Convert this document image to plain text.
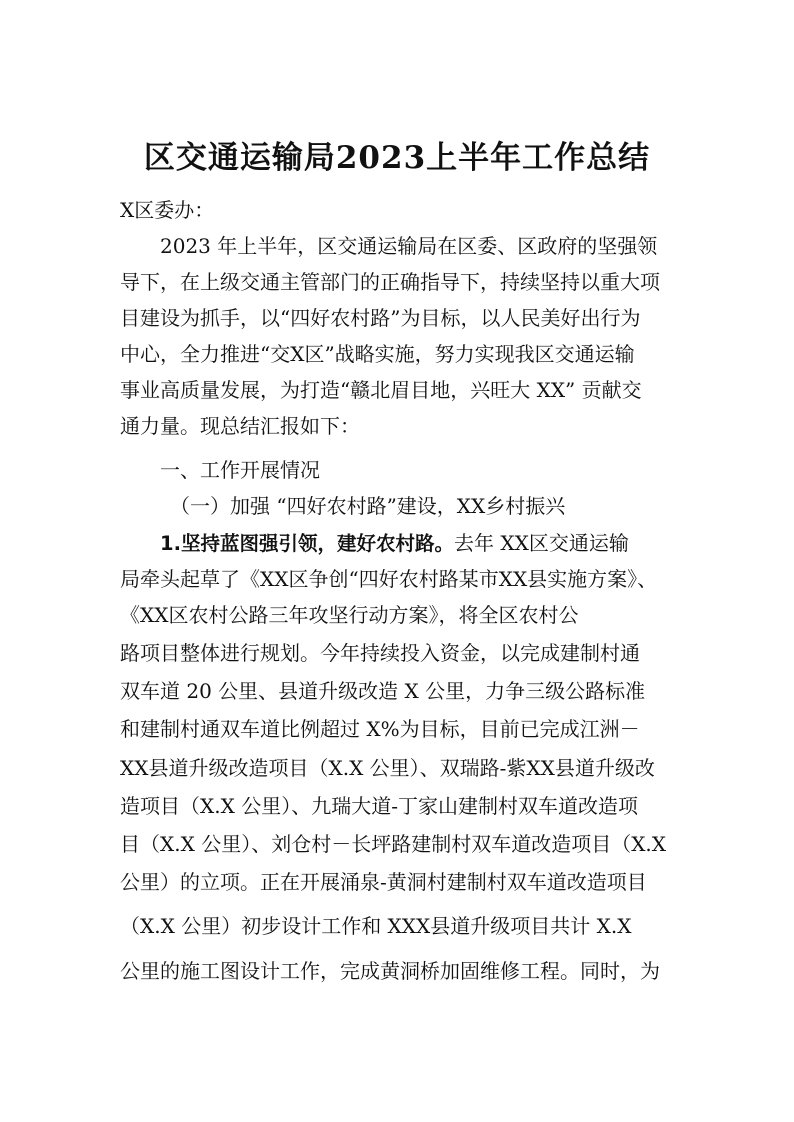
区交通运输局2023上半年工作总结
X区委办：
2023 年上半年，区交通运输局在区委、区政府的坚强领
导下，在上级交通主管部门的正确指导下，持续坚持以重大项
目建设为抓手，以“四好农村路”为目标，以人民美好出行为
中心，全力推进“交X区”战略实施，努力实现我区交通运输
事业高质量发展，为打造“赣北眉目地，兴旺大 XX” 贡献交
通力量。现总结汇报如下：
一、工作开展情况
（一）加强 “四好农村路”建设，XX乡村振兴
1.坚持蓝图强引领，建好农村路。去年 XX区交通运输
局牵头起草了《XX区争创“四好农村路某市XX县实施方案》、
《XX区农村公路三年攻坚行动方案》，将全区农村公
路项目整体进行规划。今年持续投入资金，以完成建制村通
双车道 20 公里、县道升级改造 X 公里，力争三级公路标准
和建制村通双车道比例超过 X%为目标，目前已完成江洲－
XX县道升级改造项目（X.X 公里）、双瑞路-紫XX县道升级改
造项目（X.X 公里）、九瑞大道-丁家山建制村双车道改造项
目（X.X 公里）、刘仓村－长坪路建制村双车道改造项目（X.X
公里）的立项。正在开展涌泉-黄洞村建制村双车道改造项目
（X.X 公里）初步设计工作和 XXX县道升级项目共计 X.X
公里的施工图设计工作，完成黄洞桥加固维修工程。同时，为
